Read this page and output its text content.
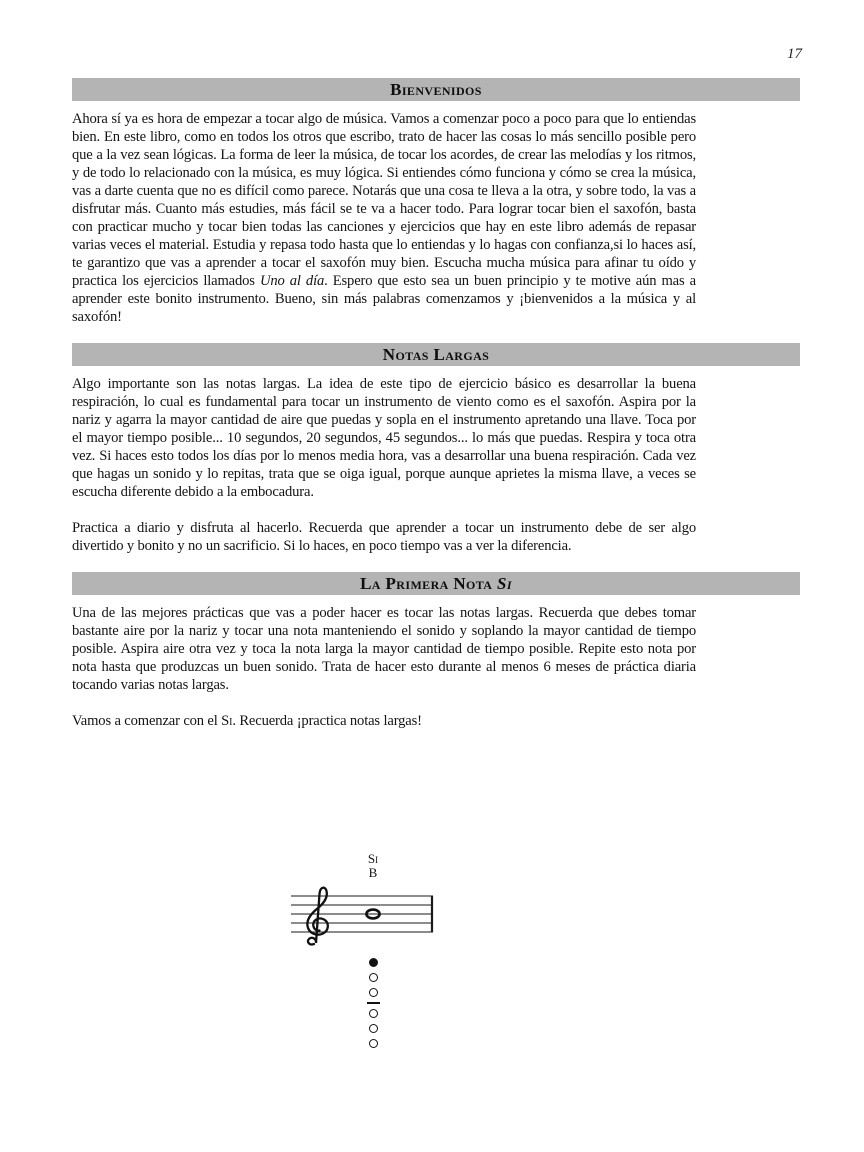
17
Bienvenidos

Ahora sí ya es hora de empezar a tocar algo de música. Vamos a comenzar poco a poco para que lo entiendas bien. En este libro, como en todos los otros que escribo, trato de hacer las cosas lo más sencillo posible pero que a la vez sean lógicas. La forma de leer la música, de tocar los acordes, de crear las melodías y los ritmos, y de todo lo relacionado con la música, es muy lógica. Si entiendes cómo funciona y cómo se crea la música, vas a darte cuenta que no es difícil como parece. Notarás que una cosa te lleva a la otra, y sobre todo, la vas a disfrutar más. Cuanto más estudies, más fácil se te va a hacer todo. Para lograr tocar bien el saxofón, basta con practicar mucho y tocar bien todas las canciones y ejercicios que hay en este libro además de repasar varias veces el material. Estudia y repasa todo hasta que lo entiendas y lo hagas con confianza,si lo haces así, te garantizo que vas a aprender a tocar el saxofón muy bien. Escucha mucha música para afinar tu oído y practica los ejercicios llamados Uno al día. Espero que esto sea un buen principio y te motive aún mas a aprender este bonito instrumento. Bueno, sin más palabras comenzamos y ¡bienvenidos a la música y al saxofón!

Notas Largas

Algo importante son las notas largas. La idea de este tipo de ejercicio básico es desarrollar la buena respiración, lo cual es fundamental para tocar un instrumento de viento como es el saxofón. Aspira por la nariz y agarra la mayor cantidad de aire que puedas y sopla en el instrumento apretando una llave. Toca por el mayor tiempo posible... 10 segundos, 20 segundos, 45 segundos... lo más que puedas. Respira y toca otra vez. Si haces esto todos los días por lo menos media hora, vas a desarrollar una buena respiración. Cada vez que hagas un sonido y lo repitas, trata que se oiga igual, porque aunque aprietes la misma llave, a veces se escucha diferente debido a la embocadura.

Practica a diario y disfruta al hacerlo. Recuerda que aprender a tocar un instrumento debe de ser algo divertido y bonito y no un sacrificio. Si lo haces, en poco tiempo vas a ver la diferencia.

La Primera Nota Si

Una de las mejores prácticas que vas a poder hacer es tocar las notas largas. Recuerda que debes tomar bastante aire por la nariz y tocar una nota manteniendo el sonido y soplando la mayor cantidad de tiempo posible. Aspira aire otra vez y toca la nota larga la mayor cantidad de tiempo posible. Repite esto nota por nota hasta que produzcas un buen sonido. Trata de hacer esto durante al menos 6 meses de práctica diaria tocando varias notas largas.

Vamos a comenzar con el Si. Recuerda ¡practica notas largas!

Si
B
